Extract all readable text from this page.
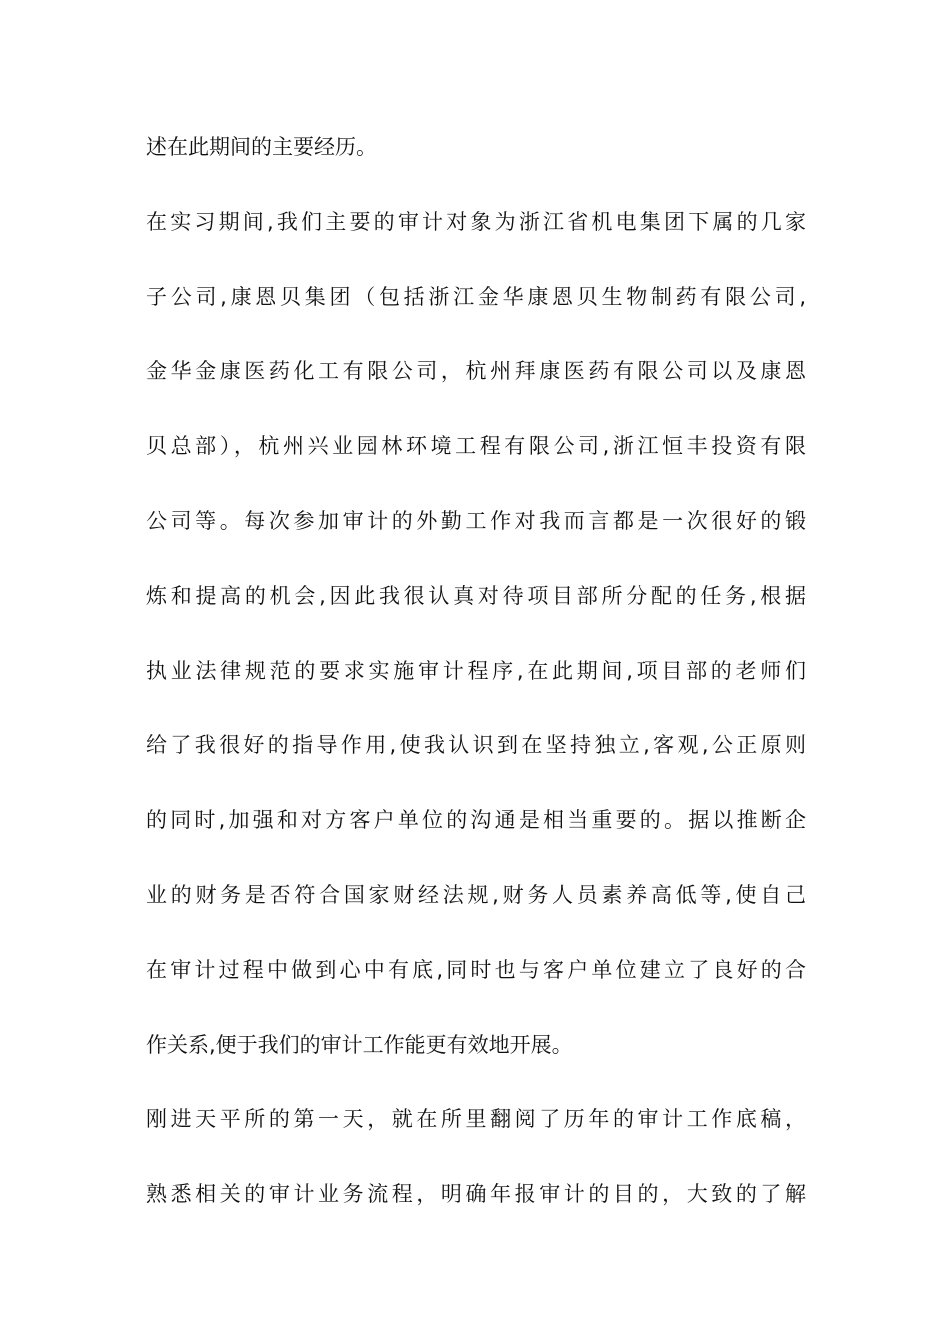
述在此期间的主要经历。
在实习期间,我们主要的审计对象为浙江省机电集团下属的几家
子公司,康恩贝集团（包括浙江金华康恩贝生物制药有限公司,
金华金康医药化工有限公司，杭州拜康医药有限公司以及康恩
贝总部），杭州兴业园林环境工程有限公司,浙江恒丰投资有限
公司等。每次参加审计的外勤工作对我而言都是一次很好的锻
炼和提高的机会,因此我很认真对待项目部所分配的任务,根据
执业法律规范的要求实施审计程序,在此期间,项目部的老师们
给了我很好的指导作用,使我认识到在坚持独立,客观,公正原则
的同时,加强和对方客户单位的沟通是相当重要的。据以推断企
业的财务是否符合国家财经法规,财务人员素养高低等,使自己
在审计过程中做到心中有底,同时也与客户单位建立了良好的合
作关系,便于我们的审计工作能更有效地开展。
刚进天平所的第一天，就在所里翻阅了历年的审计工作底稿，
熟悉相关的审计业务流程，明确年报审计的目的，大致的了解
